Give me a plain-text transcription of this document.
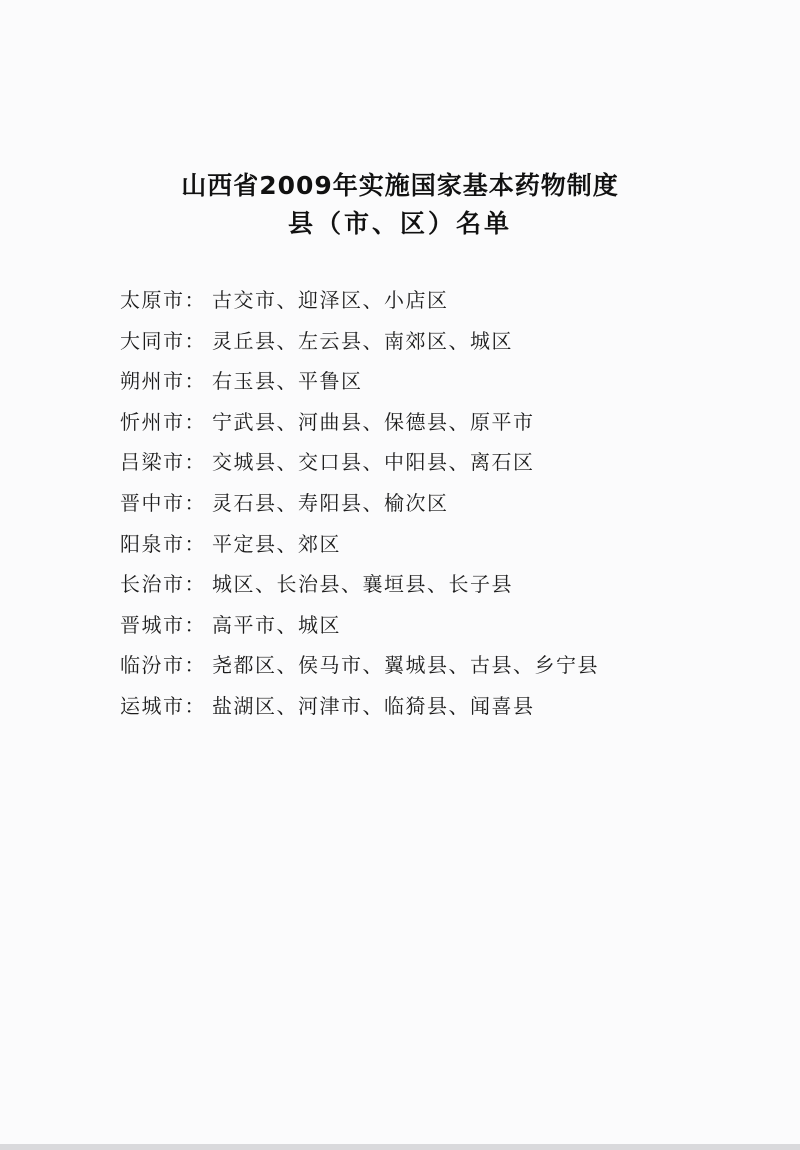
山西省2009年实施国家基本药物制度
县（市、区）名单
太原市： 古交市、迎泽区、小店区
大同市： 灵丘县、左云县、南郊区、城区
朔州市： 右玉县、平鲁区
忻州市： 宁武县、河曲县、保德县、原平市
吕梁市： 交城县、交口县、中阳县、离石区
晋中市： 灵石县、寿阳县、榆次区
阳泉市： 平定县、郊区
长治市： 城区、长治县、襄垣县、长子县
晋城市： 高平市、城区
临汾市： 尧都区、侯马市、翼城县、古县、乡宁县
运城市： 盐湖区、河津市、临猗县、闻喜县
